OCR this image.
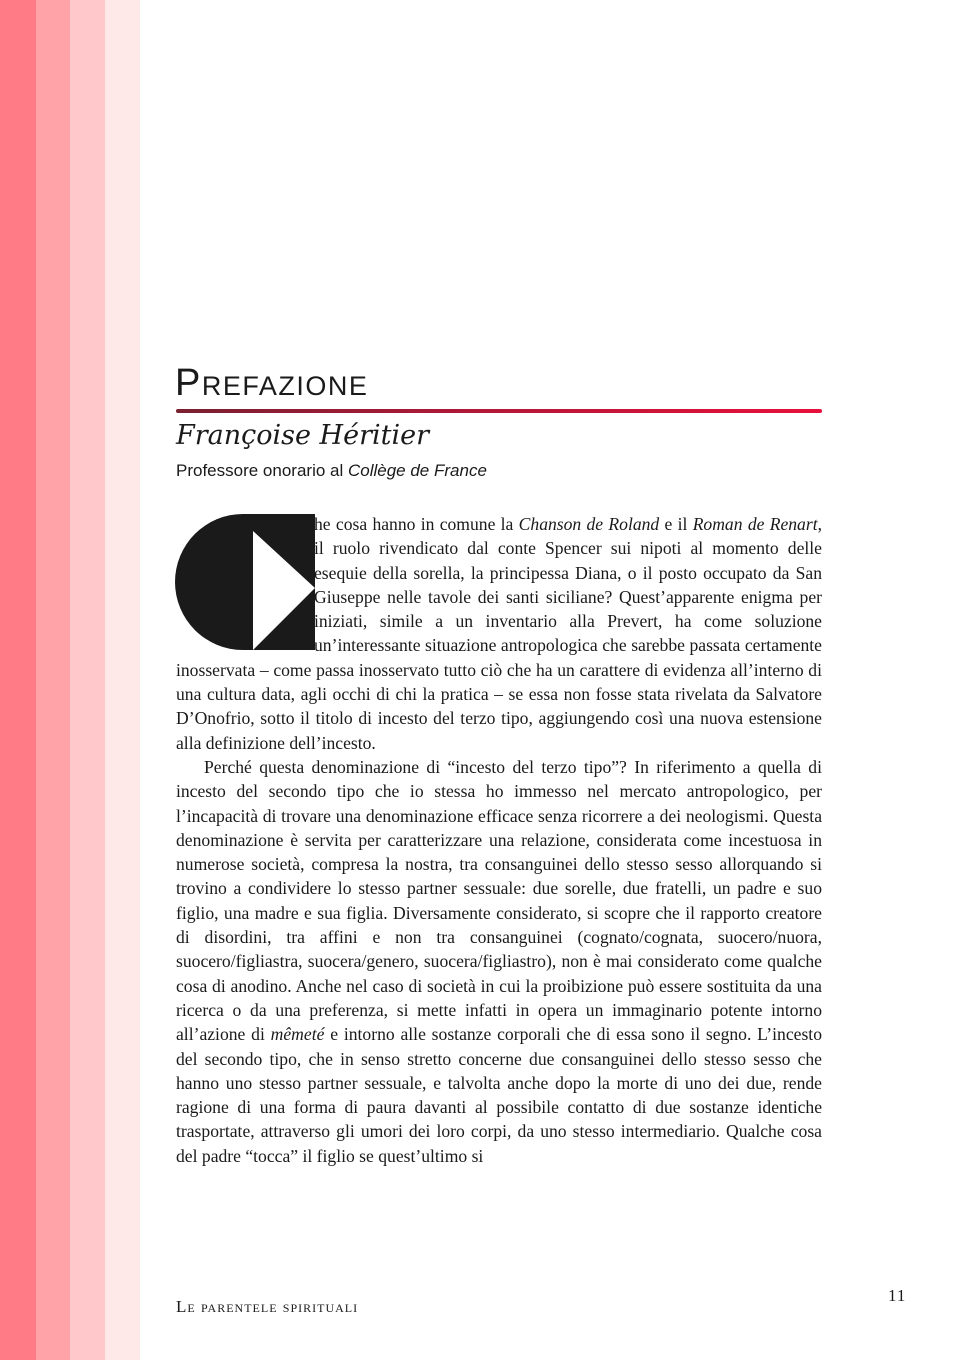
Prefazione
Françoise Héritier
Professore onorario al Collège de France

he cosa hanno in comune la Chanson de Roland e il Roman de Renart, il ruolo rivendicato dal conte Spencer sui nipoti al momento delle esequie della sorella, la principessa Diana, o il posto occupato da San Giuseppe nelle tavole dei santi siciliane? Quest’apparente enigma per iniziati, simile a un inventario alla Prevert, ha come soluzione un’interessante situazione antropologica che sarebbe passata certamente inosservata – come passa inosservato tutto ciò che ha un carattere di evidenza all’interno di una cultura data, agli occhi di chi la pratica – se essa non fosse stata rivelata da Salvatore D’Onofrio, sotto il titolo di incesto del terzo tipo, aggiungendo così una nuova estensione alla definizione dell’incesto.

Perché questa denominazione di “incesto del terzo tipo”? In riferimento a quella di incesto del secondo tipo che io stessa ho immesso nel mercato antropologico, per l’incapacità di trovare una denominazione efficace senza ricorrere a dei neologismi. Questa denominazione è servita per caratterizzare una relazione, considerata come incestuosa in numerose società, compresa la nostra, tra consanguinei dello stesso sesso allorquando si trovino a condividere lo stesso partner sessuale: due sorelle, due fratelli, un padre e suo figlio, una madre e sua figlia. Diversamente considerato, si scopre che il rapporto creatore di disordini, tra affini e non tra consanguinei (cognato/cognata, suocero/nuora, suocero/figliastra, suocera/genero, suocera/figliastro), non è mai considerato come qualche cosa di anodino. Anche nel caso di società in cui la proibizione può essere sostituita da una ricerca o da una preferenza, si mette infatti in opera un immaginario potente intorno all’azione di mêmeté e intorno alle sostanze corporali che di essa sono il segno. L’incesto del secondo tipo, che in senso stretto concerne due consanguinei dello stesso sesso che hanno uno stesso partner sessuale, e talvolta anche dopo la morte di uno dei due, rende ragione di una forma di paura davanti al possibile contatto di due sostanze identiche trasportate, attraverso gli umori dei loro corpi, da uno stesso intermediario. Qualche cosa del padre “tocca” il figlio se quest’ultimo si

Le parentele spirituali
11
